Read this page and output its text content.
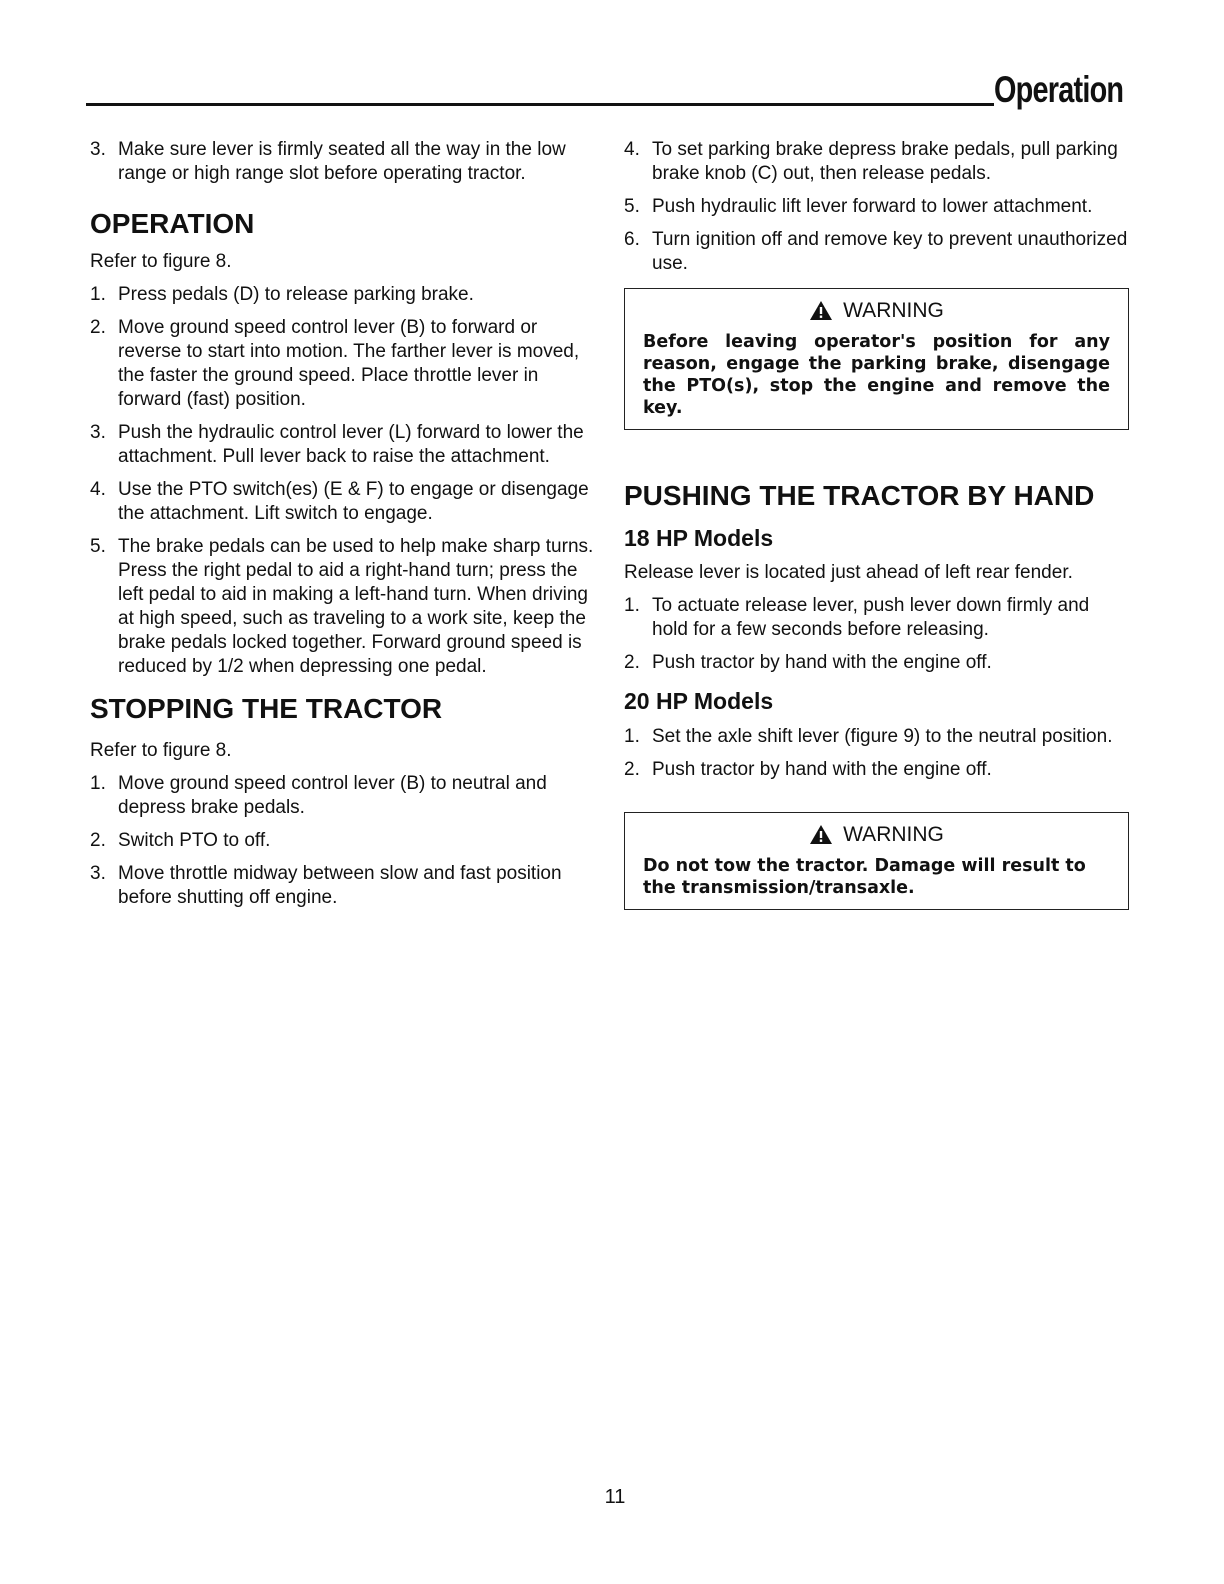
Operation
3. Make sure lever is firmly seated all the way in the low range or high range slot before operating tractor.
OPERATION

Refer to figure 8.

1. Press pedals (D) to release parking brake.
2. Move ground speed control lever (B) to forward or reverse to start into motion. The farther lever is moved, the faster the ground speed. Place throttle lever in forward (fast) position.
3. Push the hydraulic control lever (L) forward to lower the attachment. Pull lever back to raise the attachment.
4. Use the PTO switch(es) (E & F) to engage or disengage the attachment. Lift switch to engage.
5. The brake pedals can be used to help make sharp turns. Press the right pedal to aid a right-hand turn; press the left pedal to aid in making a left-hand turn. When driving at high speed, such as traveling to a work site, keep the brake pedals locked together. Forward ground speed is reduced by 1/2 when depressing one pedal.
STOPPING THE TRACTOR

Refer to figure 8.

1. Move ground speed control lever (B) to neutral and depress brake pedals.
2. Switch PTO to off.
3. Move throttle midway between slow and fast position before shutting off engine.
4. To set parking brake depress brake pedals, pull parking brake knob (C) out, then release pedals.
5. Push hydraulic lift lever forward to lower attachment.
6. Turn ignition off and remove key to prevent unauthorized use.
WARNING
Before leaving operator's position for any reason, engage the parking brake, disengage the PTO(s), stop the engine and remove the key.
PUSHING THE TRACTOR BY HAND
18 HP Models

Release lever is located just ahead of left rear fender.

1. To actuate release lever, push lever down firmly and hold for a few seconds before releasing.
2. Push tractor by hand with the engine off.
20 HP Models
1. Set the axle shift lever (figure 9) to the neutral position.
2. Push tractor by hand with the engine off.
WARNING
Do not tow the tractor. Damage will result to the transmission/transaxle.
11
